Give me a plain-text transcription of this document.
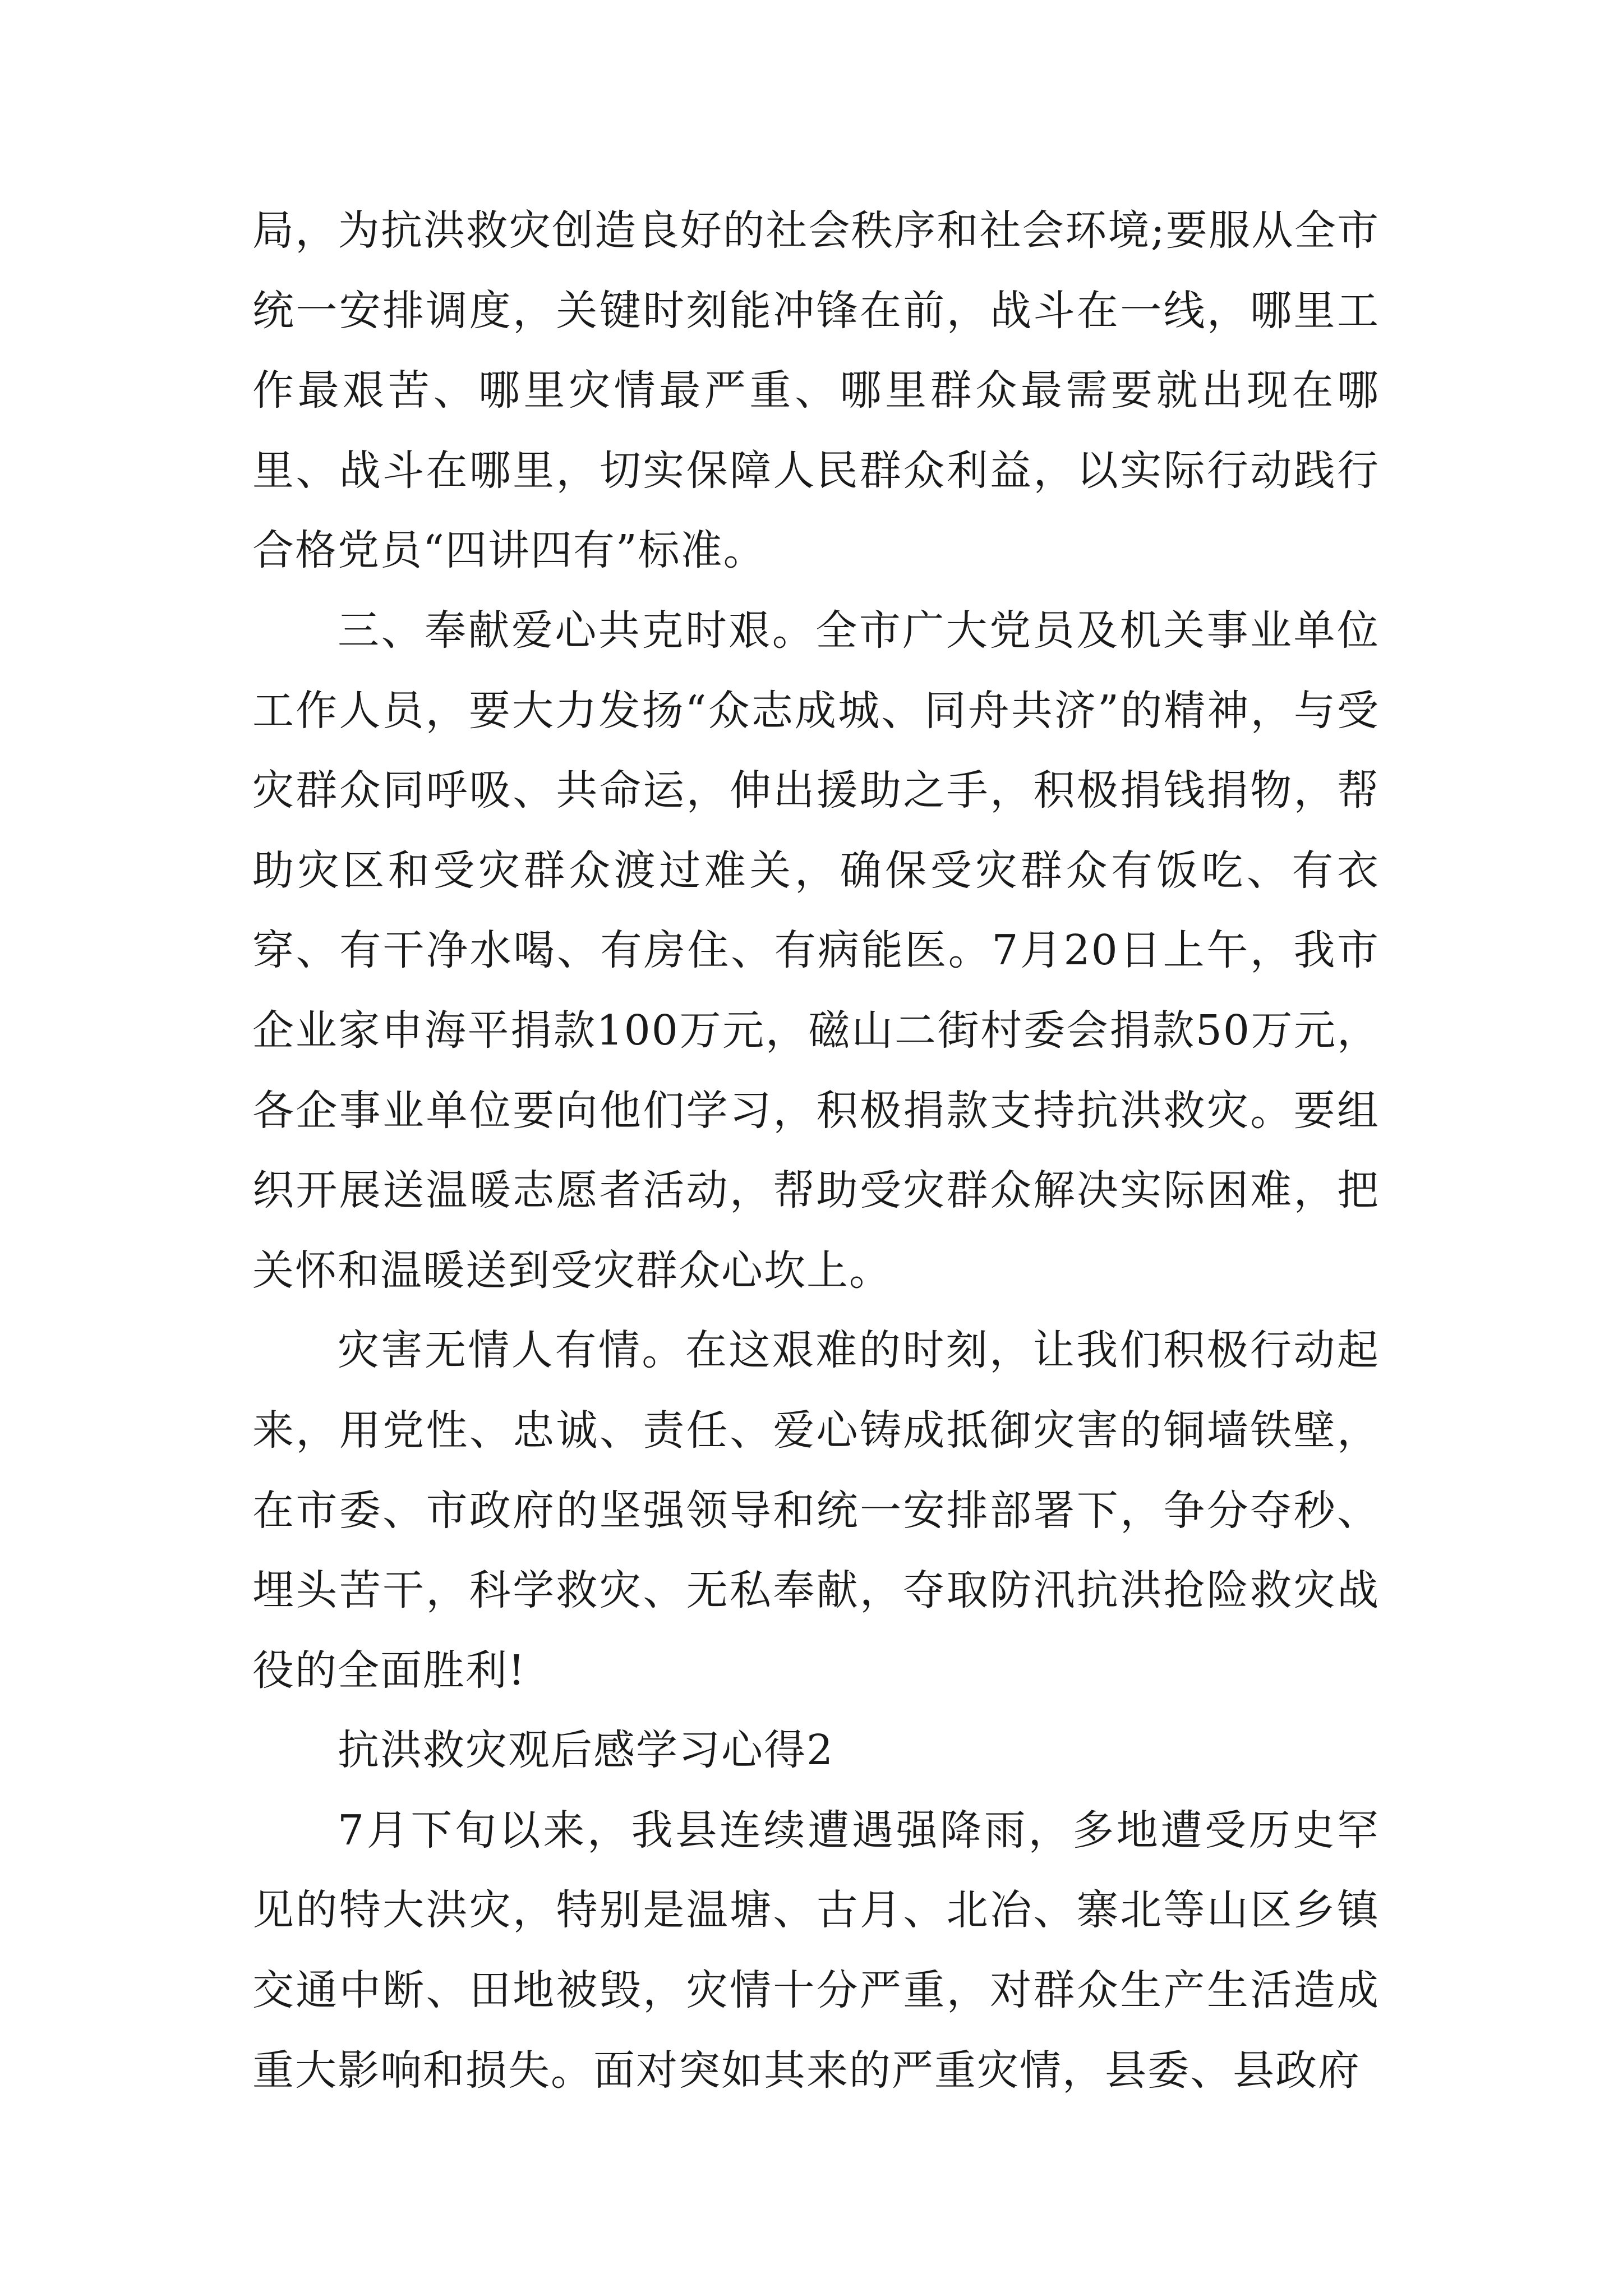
局，为抗洪救灾创造良好的社会秩序和社会环境;要服从全市统一安排调度，关键时刻能冲锋在前，战斗在一线，哪里工作最艰苦、哪里灾情最严重、哪里群众最需要就出现在哪里、战斗在哪里，切实保障人民群众利益，以实际行动践行合格党员“四讲四有”标准。

三、奉献爱心共克时艰。全市广大党员及机关事业单位工作人员，要大力发扬“众志成城、同舟共济”的精神，与受灾群众同呼吸、共命运，伸出援助之手，积极捐钱捐物，帮助灾区和受灾群众渡过难关，确保受灾群众有饭吃、有衣穿、有干净水喝、有房住、有病能医。7月20日上午，我市企业家申海平捐款100万元，磁山二街村委会捐款50万元，各企事业单位要向他们学习，积极捐款支持抗洪救灾。要组织开展送温暖志愿者活动，帮助受灾群众解决实际困难，把关怀和温暖送到受灾群众心坎上。

灾害无情人有情。在这艰难的时刻，让我们积极行动起来，用党性、忠诚、责任、爱心铸成抵御灾害的铜墙铁壁，在市委、市政府的坚强领导和统一安排部署下，争分夺秒、埋头苦干，科学救灾、无私奉献，夺取防汛抗洪抢险救灾战役的全面胜利!

抗洪救灾观后感学习心得2

7月下旬以来，我县连续遭遇强降雨，多地遭受历史罕见的特大洪灾，特别是温塘、古月、北冶、寨北等山区乡镇交通中断、田地被毁，灾情十分严重，对群众生产生活造成重大影响和损失。面对突如其来的严重灾情，县委、县政府
